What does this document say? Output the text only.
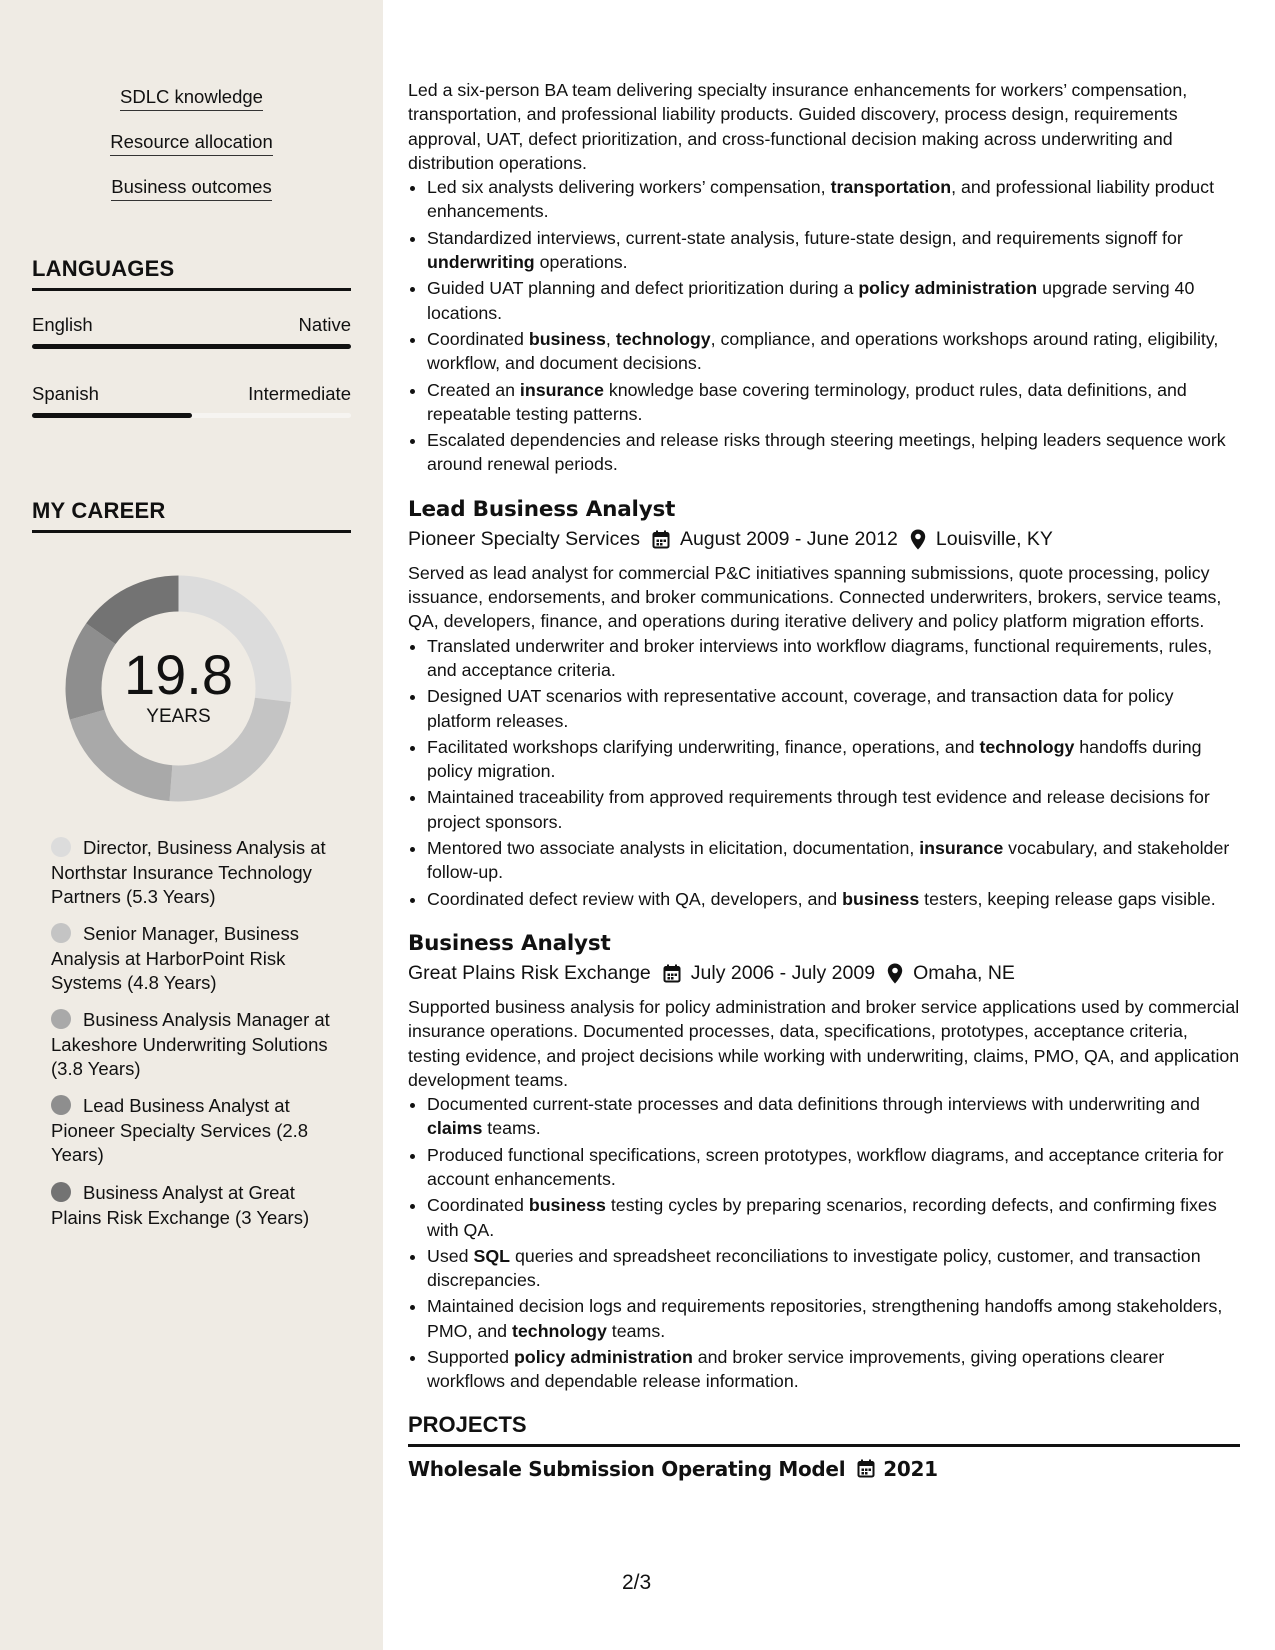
SDLC knowledge
Resource allocation
Business outcomes
LANGUAGES
English	Native
Spanish	Intermediate
MY CAREER
19.8
YEARS
Director, Business Analysis at Northstar Insurance Technology Partners (5.3 Years)
Senior Manager, Business Analysis at HarborPoint Risk Systems (4.8 Years)
Business Analysis Manager at Lakeshore Underwriting Solutions (3.8 Years)
Lead Business Analyst at Pioneer Specialty Services (2.8 Years)
Business Analyst at Great Plains Risk Exchange (3 Years)

Led a six-person BA team delivering specialty insurance enhancements for workers’ compensation, transportation, and professional liability products. Guided discovery, process design, requirements approval, UAT, defect prioritization, and cross-functional decision making across underwriting and distribution operations.

• Led six analysts delivering workers’ compensation, transportation, and professional liability product enhancements.
• Standardized interviews, current-state analysis, future-state design, and requirements signoff for underwriting operations.
• Guided UAT planning and defect prioritization during a policy administration upgrade serving 40 locations.
• Coordinated business, technology, compliance, and operations workshops around rating, eligibility, workflow, and document decisions.
• Created an insurance knowledge base covering terminology, product rules, data definitions, and repeatable testing patterns.
• Escalated dependencies and release risks through steering meetings, helping leaders sequence work around renewal periods.
Lead Business Analyst
Pioneer Specialty Services August 2009 - June 2012 Louisville, KY

Served as lead analyst for commercial P&C initiatives spanning submissions, quote processing, policy issuance, endorsements, and broker communications. Connected underwriters, brokers, service teams, QA, developers, finance, and operations during iterative delivery and policy platform migration efforts.

• Translated underwriter and broker interviews into workflow diagrams, functional requirements, rules, and acceptance criteria.
• Designed UAT scenarios with representative account, coverage, and transaction data for policy platform releases.
• Facilitated workshops clarifying underwriting, finance, operations, and technology handoffs during policy migration.
• Maintained traceability from approved requirements through test evidence and release decisions for project sponsors.
• Mentored two associate analysts in elicitation, documentation, insurance vocabulary, and stakeholder follow-up.
• Coordinated defect review with QA, developers, and business testers, keeping release gaps visible.
Business Analyst
Great Plains Risk Exchange July 2006 - July 2009 Omaha, NE

Supported business analysis for policy administration and broker service applications used by commercial insurance operations. Documented processes, data, specifications, prototypes, acceptance criteria, testing evidence, and project decisions while working with underwriting, claims, PMO, QA, and application development teams.

• Documented current-state processes and data definitions through interviews with underwriting and claims teams.
• Produced functional specifications, screen prototypes, workflow diagrams, and acceptance criteria for account enhancements.
• Coordinated business testing cycles by preparing scenarios, recording defects, and confirming fixes with QA.
• Used SQL queries and spreadsheet reconciliations to investigate policy, customer, and transaction discrepancies.
• Maintained decision logs and requirements repositories, strengthening handoffs among stakeholders, PMO, and technology teams.
• Supported policy administration and broker service improvements, giving operations clearer workflows and dependable release information.
PROJECTS
Wholesale Submission Operating Model 2021
2/3
